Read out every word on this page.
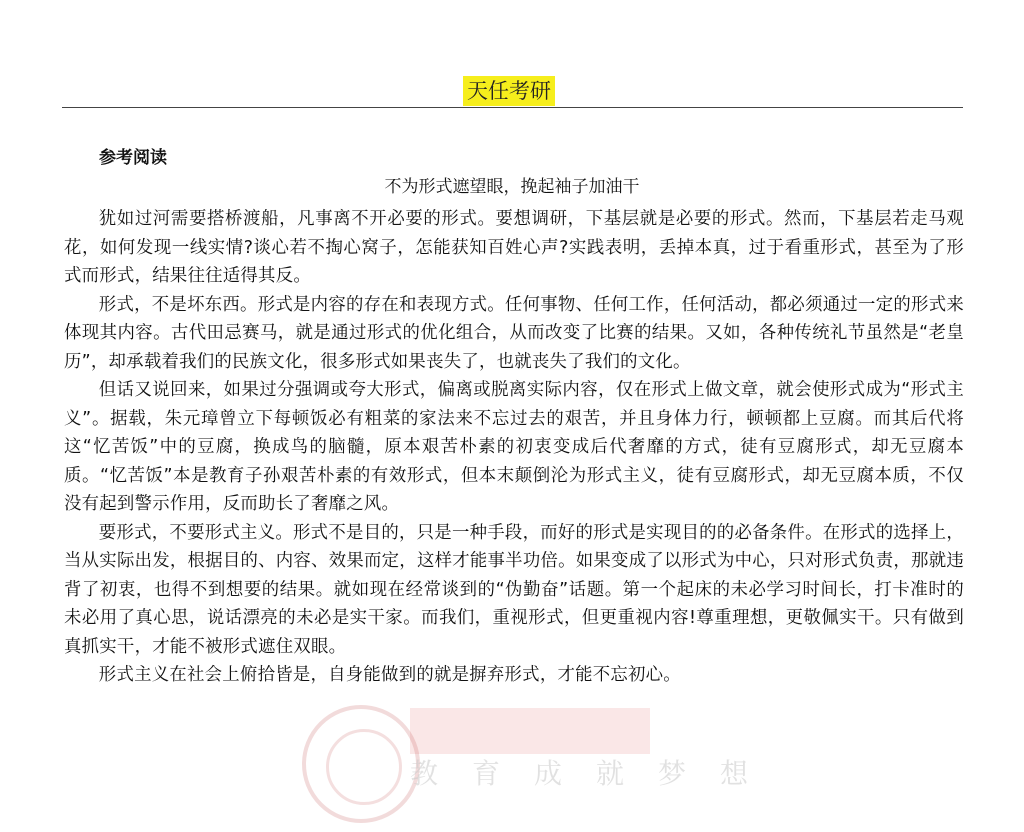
天任考研
参考阅读
不为形式遮望眼，挽起袖子加油干

犹如过河需要搭桥渡船，凡事离不开必要的形式。要想调研，下基层就是必要的形式。然而，下基层若走马观花，如何发现一线实情?谈心若不掏心窝子，怎能获知百姓心声?实践表明，丢掉本真，过于看重形式，甚至为了形式而形式，结果往往适得其反。

形式，不是坏东西。形式是内容的存在和表现方式。任何事物、任何工作，任何活动，都必须通过一定的形式来体现其内容。古代田忌赛马，就是通过形式的优化组合，从而改变了比赛的结果。又如，各种传统礼节虽然是“老皇历”，却承载着我们的民族文化，很多形式如果丧失了，也就丧失了我们的文化。

但话又说回来，如果过分强调或夸大形式，偏离或脱离实际内容，仅在形式上做文章，就会使形式成为“形式主义”。据载，朱元璋曾立下每顿饭必有粗菜的家法来不忘过去的艰苦，并且身体力行，顿顿都上豆腐。而其后代将这“忆苦饭”中的豆腐，换成鸟的脑髓，原本艰苦朴素的初衷变成后代奢靡的方式，徒有豆腐形式，却无豆腐本质。“忆苦饭”本是教育子孙艰苦朴素的有效形式，但本末颠倒沦为形式主义，徒有豆腐形式，却无豆腐本质，不仅没有起到警示作用，反而助长了奢靡之风。

要形式，不要形式主义。形式不是目的，只是一种手段，而好的形式是实现目的的必备条件。在形式的选择上，当从实际出发，根据目的、内容、效果而定，这样才能事半功倍。如果变成了以形式为中心，只对形式负责，那就违背了初衷，也得不到想要的结果。就如现在经常谈到的“伪勤奋”话题。第一个起床的未必学习时间长，打卡准时的未必用了真心思，说话漂亮的未必是实干家。而我们，重视形式，但更重视内容!尊重理想，更敬佩实干。只有做到真抓实干，才能不被形式遮住双眼。

形式主义在社会上俯拾皆是，自身能做到的就是摒弃形式，才能不忘初心。

教育成就梦想
